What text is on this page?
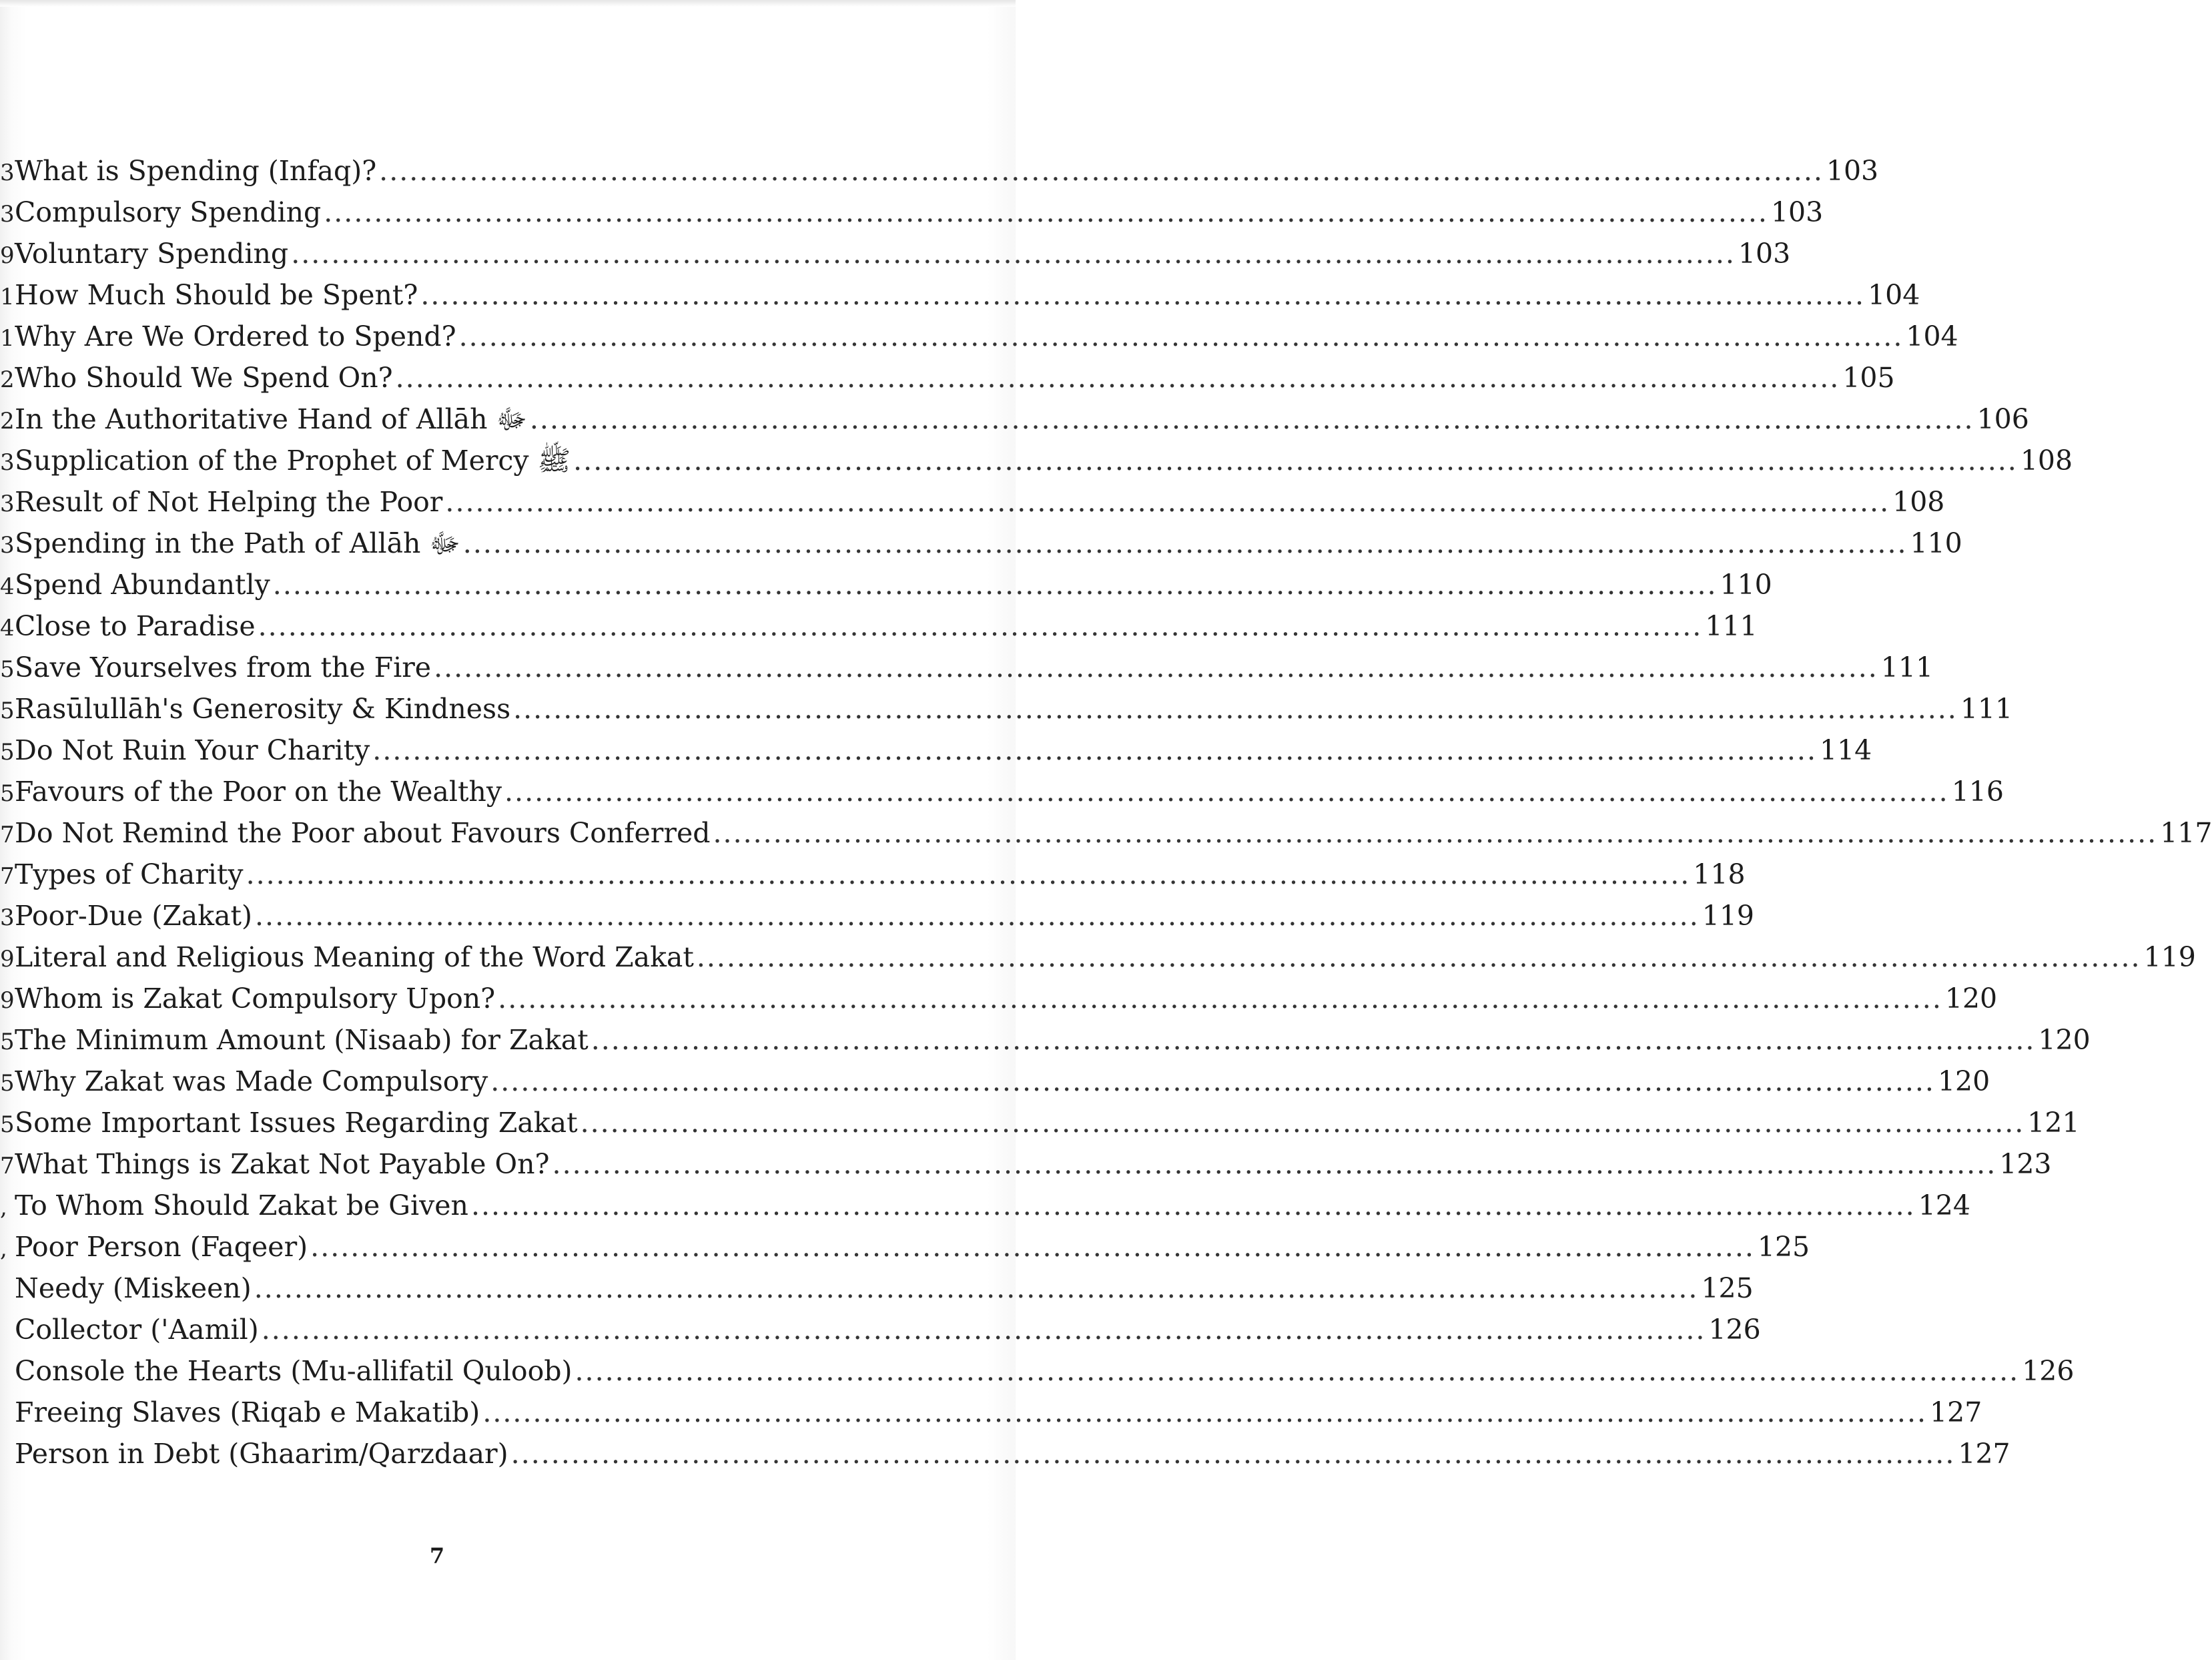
3 What is Spending (Infaq)? ................................................................................................................................................ 103
3 Compulsory Spending ................................................................................................................................................ 103
9 Voluntary Spending ................................................................................................................................................ 103
1 How Much Should be Spent? ................................................................................................................................................ 104
1 Why Are We Ordered to Spend? ................................................................................................................................................ 104
2 Who Should We Spend On? ................................................................................................................................................ 105
2 In the Authoritative Hand of Allāh ﷻ ................................................................................................................................................ 106
3 Supplication of the Prophet of Mercy ﷺ ................................................................................................................................................ 108
3 Result of Not Helping the Poor ................................................................................................................................................ 108
3 Spending in the Path of Allāh ﷻ ................................................................................................................................................ 110
4 Spend Abundantly ................................................................................................................................................ 110
4 Close to Paradise ................................................................................................................................................ 111
5 Save Yourselves from the Fire ................................................................................................................................................ 111
5 Rasūlullāh's Generosity & Kindness ................................................................................................................................................ 111
5 Do Not Ruin Your Charity ................................................................................................................................................ 114
5 Favours of the Poor on the Wealthy ................................................................................................................................................ 116
7 Do Not Remind the Poor about Favours Conferred ................................................................................................................................................ 117
7 Types of Charity ................................................................................................................................................ 118
3 Poor-Due (Zakat) ................................................................................................................................................ 119
9 Literal and Religious Meaning of the Word Zakat ................................................................................................................................................ 119
9 Whom is Zakat Compulsory Upon? ................................................................................................................................................ 120
5 The Minimum Amount (Nisaab) for Zakat ................................................................................................................................................ 120
5 Why Zakat was Made Compulsory ................................................................................................................................................ 120
5 Some Important Issues Regarding Zakat ................................................................................................................................................ 121
7 What Things is Zakat Not Payable On? ................................................................................................................................................ 123
, To Whom Should Zakat be Given ................................................................................................................................................ 124
, Poor Person (Faqeer) ................................................................................................................................................ 125
Needy (Miskeen) ................................................................................................................................................ 125
Collector ('Aamil) ................................................................................................................................................ 126
Console the Hearts (Mu-allifatil Quloob) ................................................................................................................................................ 126
Freeing Slaves (Riqab e Makatib) ................................................................................................................................................ 127
Person in Debt (Ghaarim/Qarzdaar) ................................................................................................................................................ 127
7
